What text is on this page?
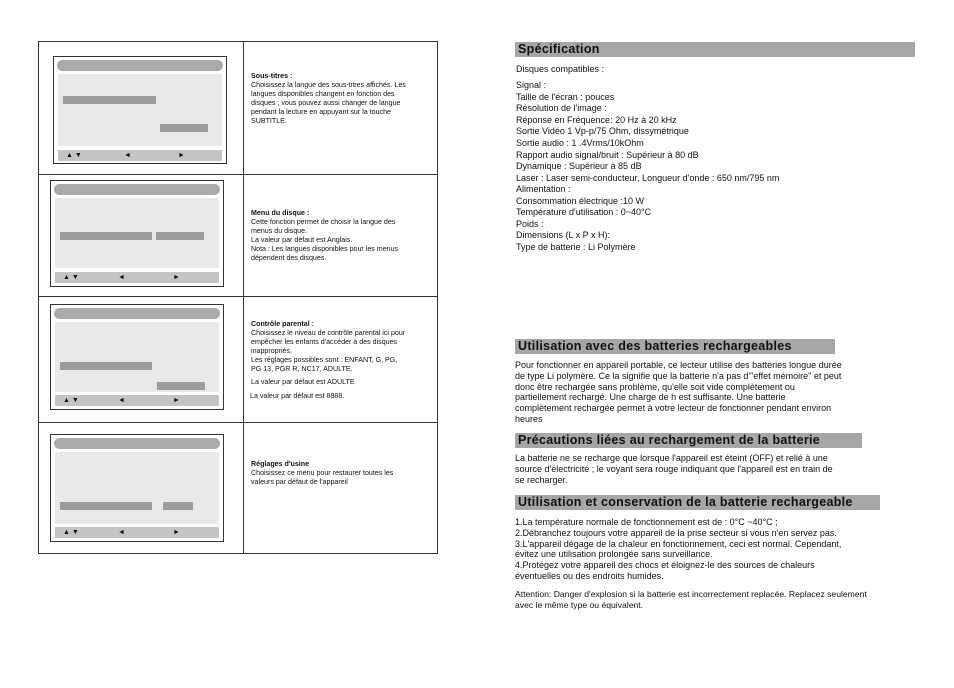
▲ ▼	◄	►
Sous-titres :

Choisissez la langue des sous-titres affichés. Les

langues disponibles changent en fonction des

disques ; vous pouvez aussi changer de langue

pendant la lecture en appuyant sur la touche

SUBTITLE.

▲ ▼	◄	►
Menu du disque :

Cette fonction permet de choisir la langue des

menus du disque.

La valeur par défaut est Anglais.

Nota : Les langues disponibles pour les menus

dépendent des disques.

▲ ▼	◄	►
Contrôle parental :

Choisissez le niveau de contrôle parental ici pour

empêcher les enfants d'accéder à des disques

inappropriés.

Les réglages possibles sont : ENFANT, G, PG,

PG 13, PGR R, NC17, ADULTE.

La valeur par défaut est ADULTE

La valeur par défaut est 8888.

▲ ▼	◄	►
Réglages d'usine

Choisissez ce menu pour restaurer toutes les

valeurs par défaut de l'appareil

Spécification
Disques compatibles :
Signal :
Taille de l'écran : pouces
Résolution de l'image :
Réponse en Fréquence: 20 Hz à 20 kHz
Sortie Vidéo 1 Vp-p/75 Ohm, dissymétrique
Sortie audio : 1 .4Vrms/10kOhm
Rapport audio signal/bruit : Supérieur à 80 dB
Dynamique : Supérieur à 85 dB
Laser : Laser semi-conducteur, Longueur d'onde : 650 nm/795 nm
Alimentation :
Consommation électrique :10 W
Température d'utilisation : 0~40°C
Poids :
Dimensions (L x P x H):
Type de batterie : Li Polymère
Utilisation avec des batteries rechargeables
Pour fonctionner en appareil portable, ce lecteur utilise des batteries longue durée
de type Li polymère. Ce la signifie que la batterie n'a pas d'"effet mémoire" et peut
donc être rechargée sans problème, qu'elle soit vide complètement ou
partiellement rechargé. Une charge de h est suffisante. Une batterie
complètement rechargée permet à votre lecteur de fonctionner pendant environ
heures
Précautions liées au rechargement de la batterie
La batterie ne se recharge que lorsque l'appareil est éteint (OFF) et relié à une
source d'électricité ; le voyant sera rouge indiquant que l'appareil est en train de
se recharger.
Utilisation et conservation de la batterie rechargeable
1.La température normale de fonctionnement est de : 0°C ~40°C ;
2.Débranchez toujours votre appareil de la prise secteur si vous n'en servez pas.
3.L'appareil dégage de la chaleur en fonctionnement, ceci est normal. Cependant,
évitez une utilisation prolongée sans surveillance.
4.Protégez votre appareil des chocs et éloignez-le des sources de chaleurs
éventuelles ou des endroits humides.
Attention: Danger d'explosion si la batterie est incorrectement replacée. Replacez seulement
avec le même type ou équivalent.
